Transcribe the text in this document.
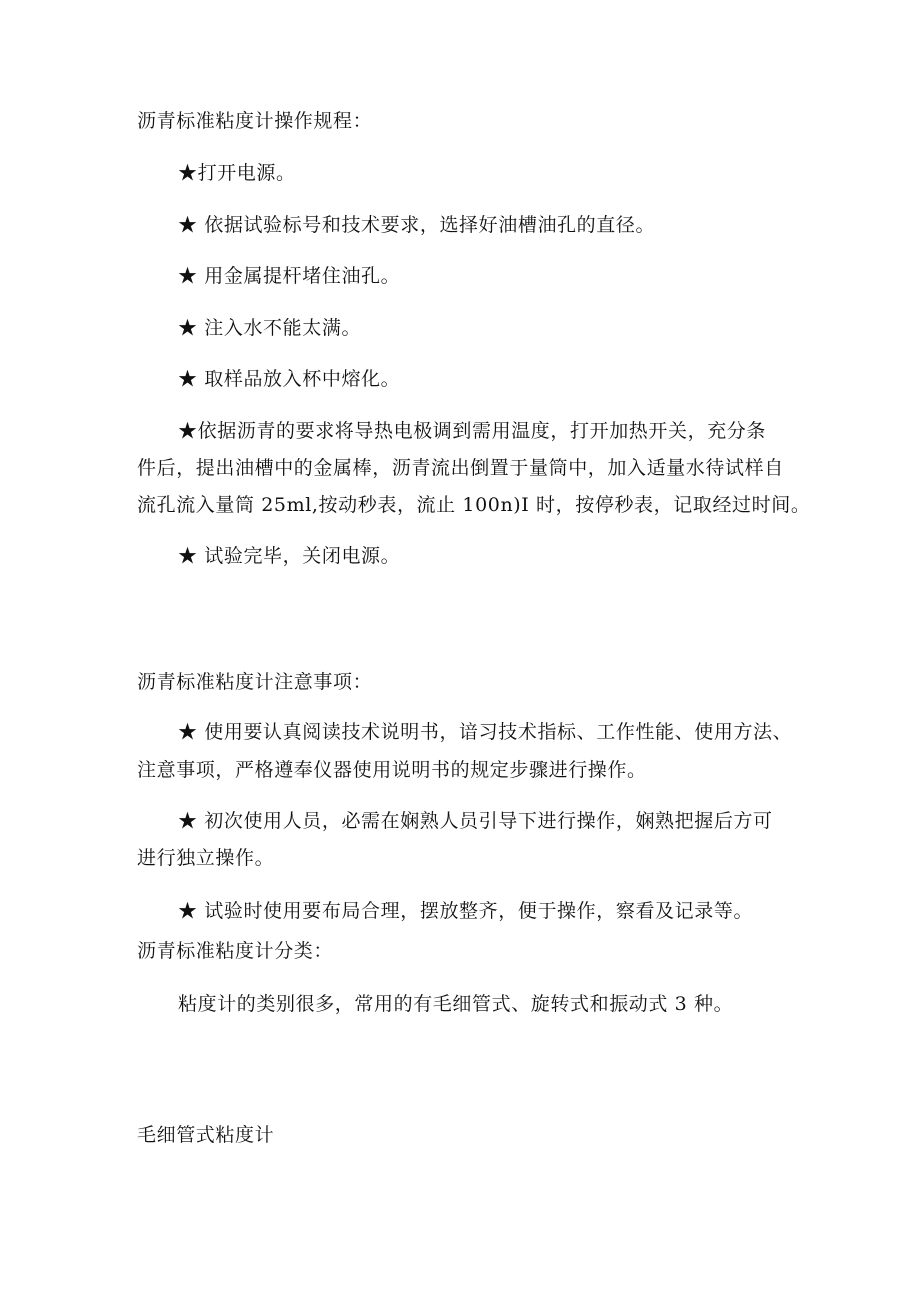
沥青标准粘度计操作规程：
★打开电源。
★ 依据试验标号和技术要求，选择好油槽油孔的直径。
★ 用金属提杆堵住油孔。
★ 注入水不能太满。
★ 取样品放入杯中熔化。
★依据沥青的要求将导热电极调到需用温度，打开加热开关，充分条
件后，提出油槽中的金属棒，沥青流出倒置于量筒中，加入适量水待试样自
流孔流入量筒 25ml,按动秒表，流止 100n)I 时，按停秒表，记取经过时间。
★ 试验完毕，关闭电源。
沥青标准粘度计注意事项：
★ 使用要认真阅读技术说明书，谙习技术指标、工作性能、使用方法、
注意事项，严格遵奉仪器使用说明书的规定步骤进行操作。
★ 初次使用人员，必需在娴熟人员引导下进行操作，娴熟把握后方可
进行独立操作。
★ 试验时使用要布局合理，摆放整齐，便于操作，察看及记录等。
沥青标准粘度计分类：
粘度计的类别很多，常用的有毛细管式、旋转式和振动式 3 种。
毛细管式粘度计
